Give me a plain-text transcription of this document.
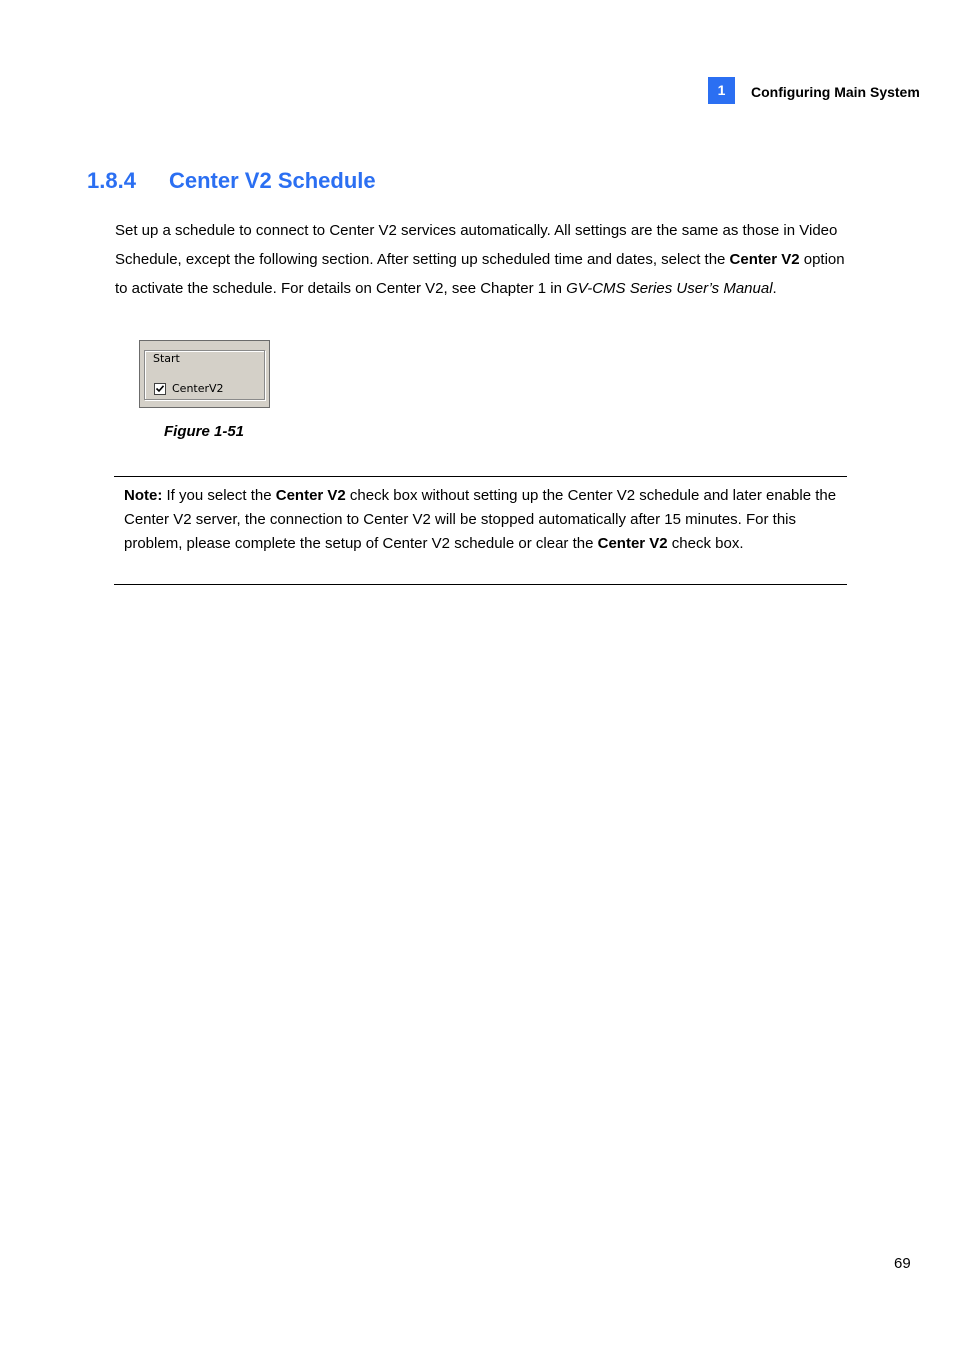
1	Configuring Main System
1.8.4 Center V2 Schedule

Set up a schedule to connect to Center V2 services automatically. All settings are the same as those in Video Schedule, except the following section. After setting up scheduled time and dates, select the Center V2 option to activate the schedule. For details on Center V2, see Chapter 1 in GV-CMS Series User’s Manual.

Start
CenterV2
Figure 1-51

Note: If you select the Center V2 check box without setting up the Center V2 schedule and later enable the Center V2 server, the connection to Center V2 will be stopped automatically after 15 minutes. For this problem, please complete the setup of Center V2 schedule or clear the Center V2 check box.

69
